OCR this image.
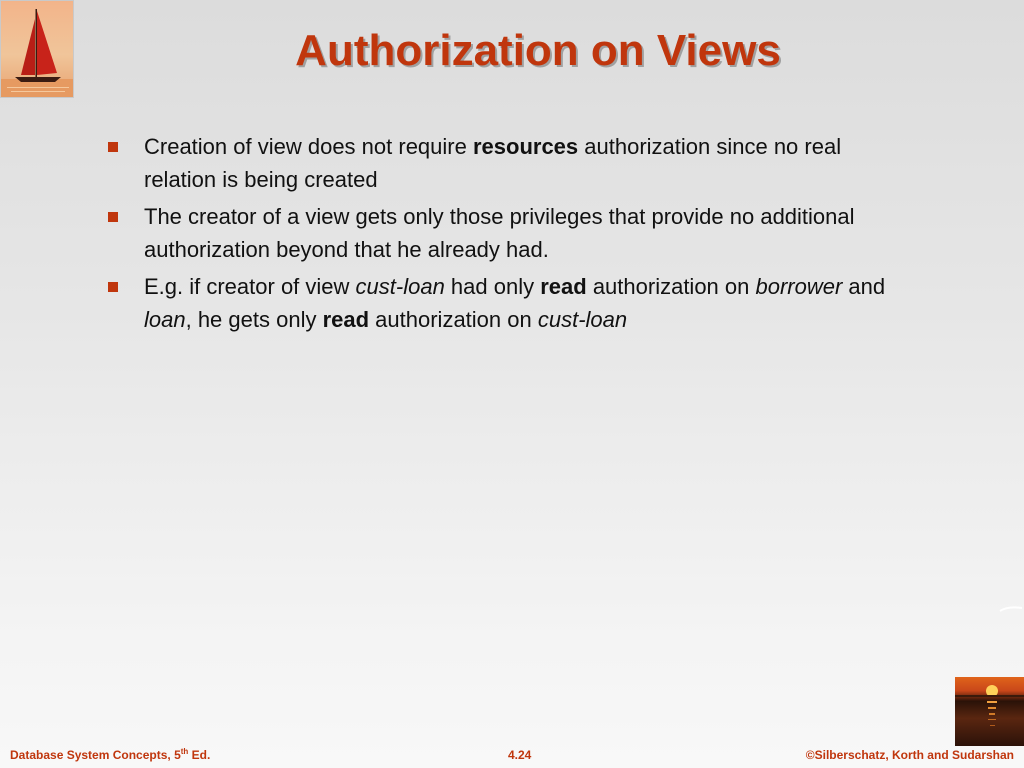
Authorization on Views
Creation of view does not require resources authorization since no real relation is being created
The creator of a view gets only those privileges that provide no additional authorization beyond that he already had.
E.g. if creator of view cust-loan had only read authorization on borrower and loan, he gets only read authorization on cust-loan
Database System Concepts, 5th Ed.	4.24	©Silberschatz, Korth and Sudarshan
